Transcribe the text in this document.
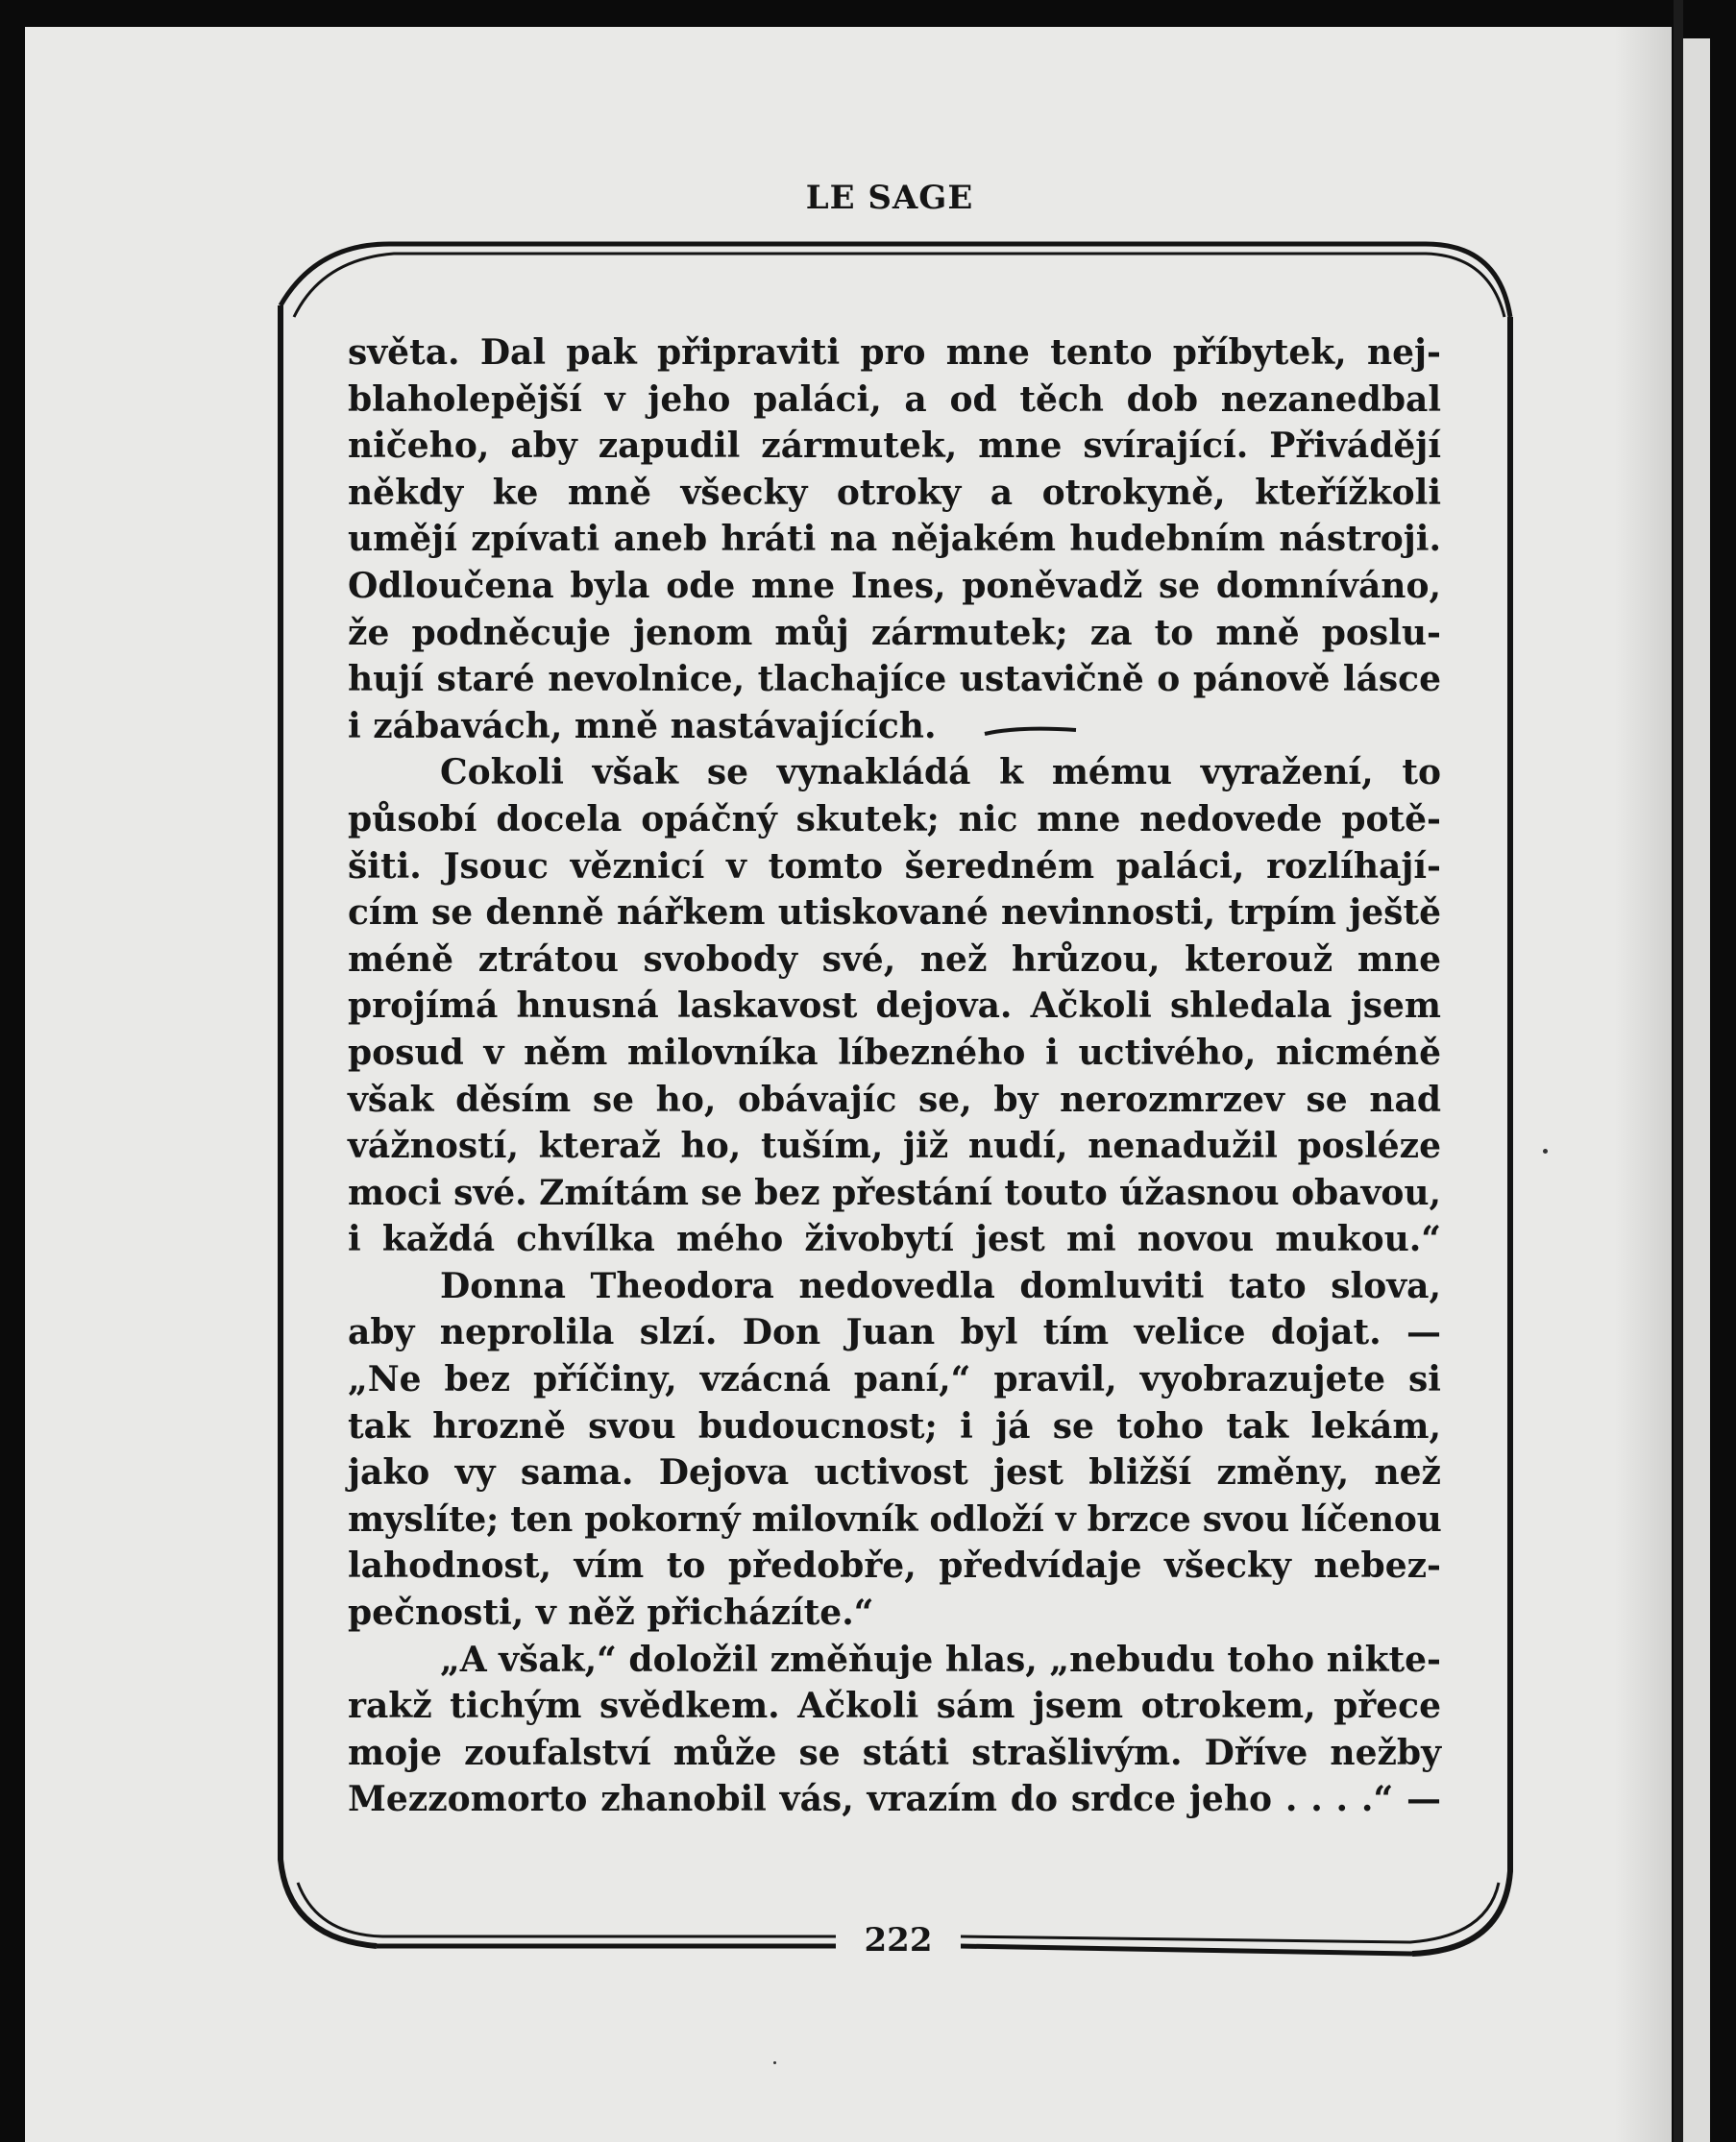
LE SAGE
světa. Dal pak připraviti pro mne tento příbytek, nej-
blaholepější v jeho paláci, a od těch dob nezanedbal
ničeho, aby zapudil zármutek, mne svírající. Přivádějí
někdy ke mně všecky otroky a otrokyně, kteřížkoli
umějí zpívati aneb hráti na nějakém hudebním nástroji.
Odloučena byla ode mne Ines, poněvadž se domníváno,
že podněcuje jenom můj zármutek; za to mně poslu-
hují staré nevolnice, tlachajíce ustavičně o pánově lásce
i zábavách, mně nastávajících.
Cokoli však se vynakládá k mému vyražení, to
působí docela opáčný skutek; nic mne nedovede potě-
šiti. Jsouc věznicí v tomto šeredném paláci, rozlíhají-
cím se denně nářkem utiskované nevinnosti, trpím ještě
méně ztrátou svobody své, než hrůzou, kterouž mne
projímá hnusná laskavost dejova. Ačkoli shledala jsem
posud v něm milovníka líbezného i uctivého, nicméně
však děsím se ho, obávajíc se, by nerozmrzev se nad
vážností, kteraž ho, tuším, již nudí, nenadužil posléze
moci své. Zmítám se bez přestání touto úžasnou obavou,
i každá chvílka mého živobytí jest mi novou mukou.“
Donna Theodora nedovedla domluviti tato slova,
aby neprolila slzí. Don Juan byl tím velice dojat. —
„Ne bez příčiny, vzácná paní,“ pravil, vyobrazujete si
tak hrozně svou budoucnost; i já se toho tak lekám,
jako vy sama. Dejova uctivost jest bližší změny, než
myslíte; ten pokorný milovník odloží v brzce svou líčenou
lahodnost, vím to předobře, předvídaje všecky nebez-
pečnosti, v něž přicházíte.“
„A však,“ doložil změňuje hlas, „nebudu toho nikte-
rakž tichým svědkem. Ačkoli sám jsem otrokem, přece
moje zoufalství může se státi strašlivým. Dříve nežby
Mezzomorto zhanobil vás, vrazím do srdce jeho . . . .“ —
222
